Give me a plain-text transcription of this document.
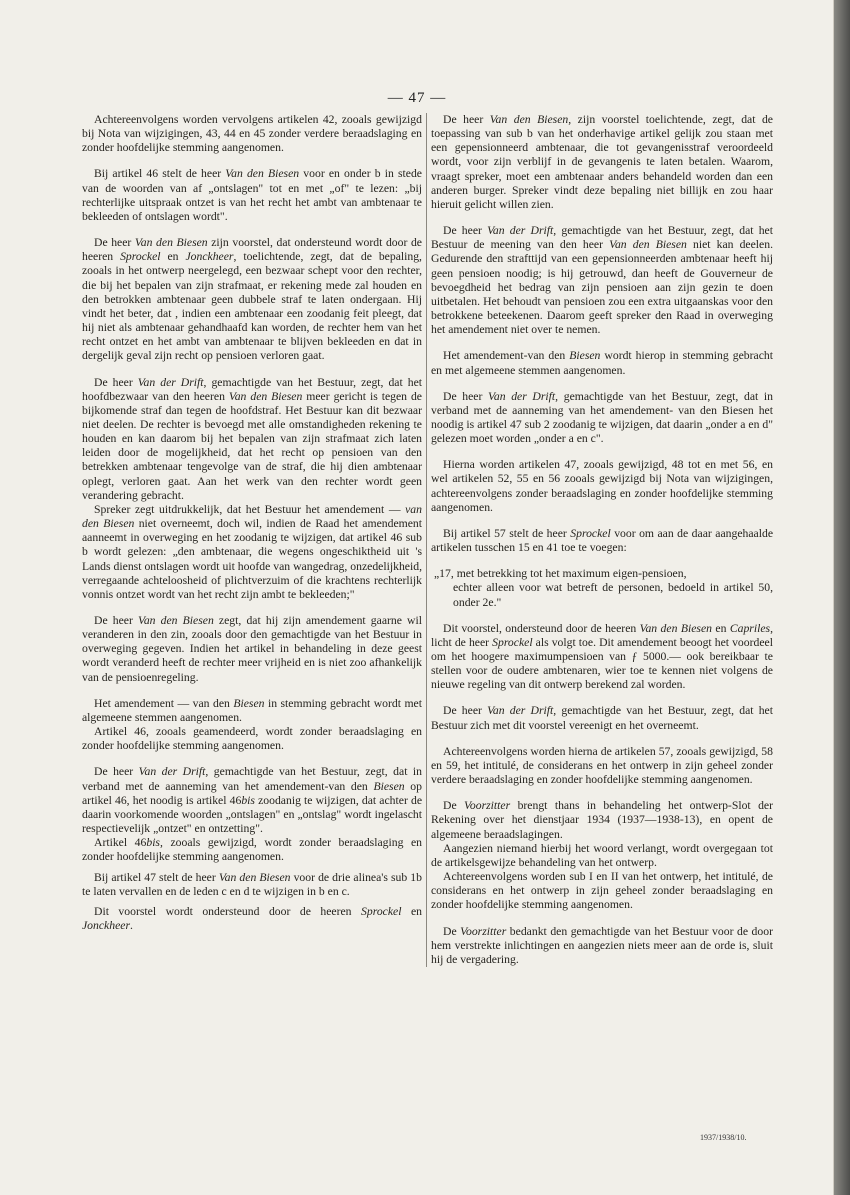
— 47 —

Achtereenvolgens worden vervolgens artikelen 42, zooals gewijzigd bij Nota van wijzigingen, 43, 44 en 45 zonder verdere beraadslaging en zonder hoofdelijke stemming aangenomen.

Bij artikel 46 stelt de heer Van den Biesen voor en onder b in stede van de woorden van af „ontslagen" tot en met „of" te lezen: „bij rechterlijke uitspraak ontzet is van het recht het ambt van ambtenaar te bekleeden of ontslagen wordt".

De heer Van den Biesen zijn voorstel, dat ondersteund wordt door de heeren Sprockel en Jonckheer, toelichtende, zegt, dat de bepaling, zooals in het ontwerp neergelegd, een bezwaar schept voor den rechter, die bij het bepalen van zijn strafmaat, er rekening mede zal houden en den betrokken ambtenaar geen dubbele straf te laten ondergaan. Hij vindt het beter, dat , indien een ambtenaar een zoodanig feit pleegt, dat hij niet als ambtenaar gehandhaafd kan worden, de rechter hem van het recht ontzet en het ambt van ambtenaar te blijven bekleeden en dat in dergelijk geval zijn recht op pensioen verloren gaat.

De heer Van der Drift, gemachtigde van het Bestuur, zegt, dat het hoofdbezwaar van den heeren Van den Biesen meer gericht is tegen de bijkomende straf dan tegen de hoofdstraf. Het Bestuur kan dit bezwaar niet deelen. De rechter is bevoegd met alle omstandigheden rekening te houden en kan daarom bij het bepalen van zijn strafmaat zich laten leiden door de mogelijkheid, dat het recht op pensioen van den betrekken ambtenaar tengevolge van de straf, die hij dien ambtenaar oplegt, verloren gaat. Aan het werk van den rechter wordt geen verandering gebracht.

Spreker zegt uitdrukkelijk, dat het Bestuur het amendement — van den Biesen niet overneemt, doch wil, indien de Raad het amendement aanneemt in overweging en het zoodanig te wijzigen, dat artikel 46 sub b wordt gelezen: „den ambtenaar, die wegens ongeschiktheid uit 's Lands dienst ontslagen wordt uit hoofde van wangedrag, onzedelijkheid, verregaande achteloosheid of plichtverzuim of die krachtens rechterlijk vonnis ontzet wordt van het recht zijn ambt te bekleeden;"

De heer Van den Biesen zegt, dat hij zijn amendement gaarne wil veranderen in den zin, zooals door den gemachtigde van het Bestuur in overweging gegeven. Indien het artikel in behandeling in deze geest wordt veranderd heeft de rechter meer vrijheid en is niet zoo afhankelijk van de pensioenregeling.

Het amendement — van den Biesen in stemming gebracht wordt met algemeene stemmen aangenomen.

Artikel 46, zooals geamendeerd, wordt zonder beraadslaging en zonder hoofdelijke stemming aangenomen.

De heer Van der Drift, gemachtigde van het Bestuur, zegt, dat in verband met de aanneming van het amendement-van den Biesen op artikel 46, het noodig is artikel 46bis zoodanig te wijzigen, dat achter de daarin voorkomende woorden „ontslagen" en „ontslag" wordt ingelascht respectievelijk „ontzet" en ontzetting".

Artikel 46bis, zooals gewijzigd, wordt zonder beraadslaging en zonder hoofdelijke stemming aangenomen.

Bij artikel 47 stelt de heer Van den Biesen voor de drie alinea's sub 1b te laten vervallen en de leden c en d te wijzigen in b en c.

Dit voorstel wordt ondersteund door de heeren Sprockel en Jonckheer.

De heer Van den Biesen, zijn voorstel toelichtende, zegt, dat de toepassing van sub b van het onderhavige artikel gelijk zou staan met een gepensionneerd ambtenaar, die tot gevangenisstraf veroordeeld wordt, voor zijn verblijf in de gevangenis te laten betalen. Waarom, vraagt spreker, moet een ambtenaar anders behandeld worden dan een anderen burger. Spreker vindt deze bepaling niet billijk en zou haar hieruit gelicht willen zien.

De heer Van der Drift, gemachtigde van het Bestuur, zegt, dat het Bestuur de meening van den heer Van den Biesen niet kan deelen. Gedurende den strafttijd van een gepensionneerden ambtenaar heeft hij geen pensioen noodig; is hij getrouwd, dan heeft de Gouverneur de bevoegdheid het bedrag van zijn pensioen aan zijn gezin te doen uitbetalen. Het behoudt van pensioen zou een extra uitgaanskas voor den betrokkene beteekenen. Daarom geeft spreker den Raad in overweging het amendement niet over te nemen.

Het amendement-van den Biesen wordt hierop in stemming gebracht en met algemeene stemmen aangenomen.

De heer Van der Drift, gemachtigde van het Bestuur, zegt, dat in verband met de aanneming van het amendement- van den Biesen het noodig is artikel 47 sub 2 zoodanig te wijzigen, dat daarin „onder a en d" gelezen moet worden „onder a en c".

Hierna worden artikelen 47, zooals gewijzigd, 48 tot en met 56, en wel artikelen 52, 55 en 56 zooals gewijzigd bij Nota van wijzigingen, achtereenvolgens zonder beraadslaging en zonder hoofdelijke stemming aangenomen.

Bij artikel 57 stelt de heer Sprockel voor om aan de daar aangehaalde artikelen tusschen 15 en 41 toe te voegen:

„17, met betrekking tot het maximum eigen-pensioen,
echter alleen voor wat betreft de personen, bedoeld in artikel 50, onder 2e."

Dit voorstel, ondersteund door de heeren Van den Biesen en Capriles, licht de heer Sprockel als volgt toe. Dit amendement beoogt het voordeel om het hoogere maximumpensioen van ƒ 5000.— ook bereikbaar te stellen voor de oudere ambtenaren, wier toe te kennen niet volgens de nieuwe regeling van dit ontwerp berekend zal worden.

De heer Van der Drift, gemachtigde van het Bestuur, zegt, dat het Bestuur zich met dit voorstel vereenigt en het overneemt.

Achtereenvolgens worden hierna de artikelen 57, zooals gewijzigd, 58 en 59, het intitulé, de considerans en het ontwerp in zijn geheel zonder verdere beraadslaging en zonder hoofdelijke stemming aangenomen.

De Voorzitter brengt thans in behandeling het ontwerp-Slot der Rekening over het dienstjaar 1934 (1937—1938-13), en opent de algemeene beraadslagingen.

Aangezien niemand hierbij het woord verlangt, wordt overgegaan tot de artikelsgewijze behandeling van het ontwerp.

Achtereenvolgens worden sub I en II van het ontwerp, het intitulé, de considerans en het ontwerp in zijn geheel zonder beraadslaging en zonder hoofdelijke stemming aangenomen.

De Voorzitter bedankt den gemachtigde van het Bestuur voor de door hem verstrekte inlichtingen en aangezien niets meer aan de orde is, sluit hij de vergadering.

1937/1938/10.
